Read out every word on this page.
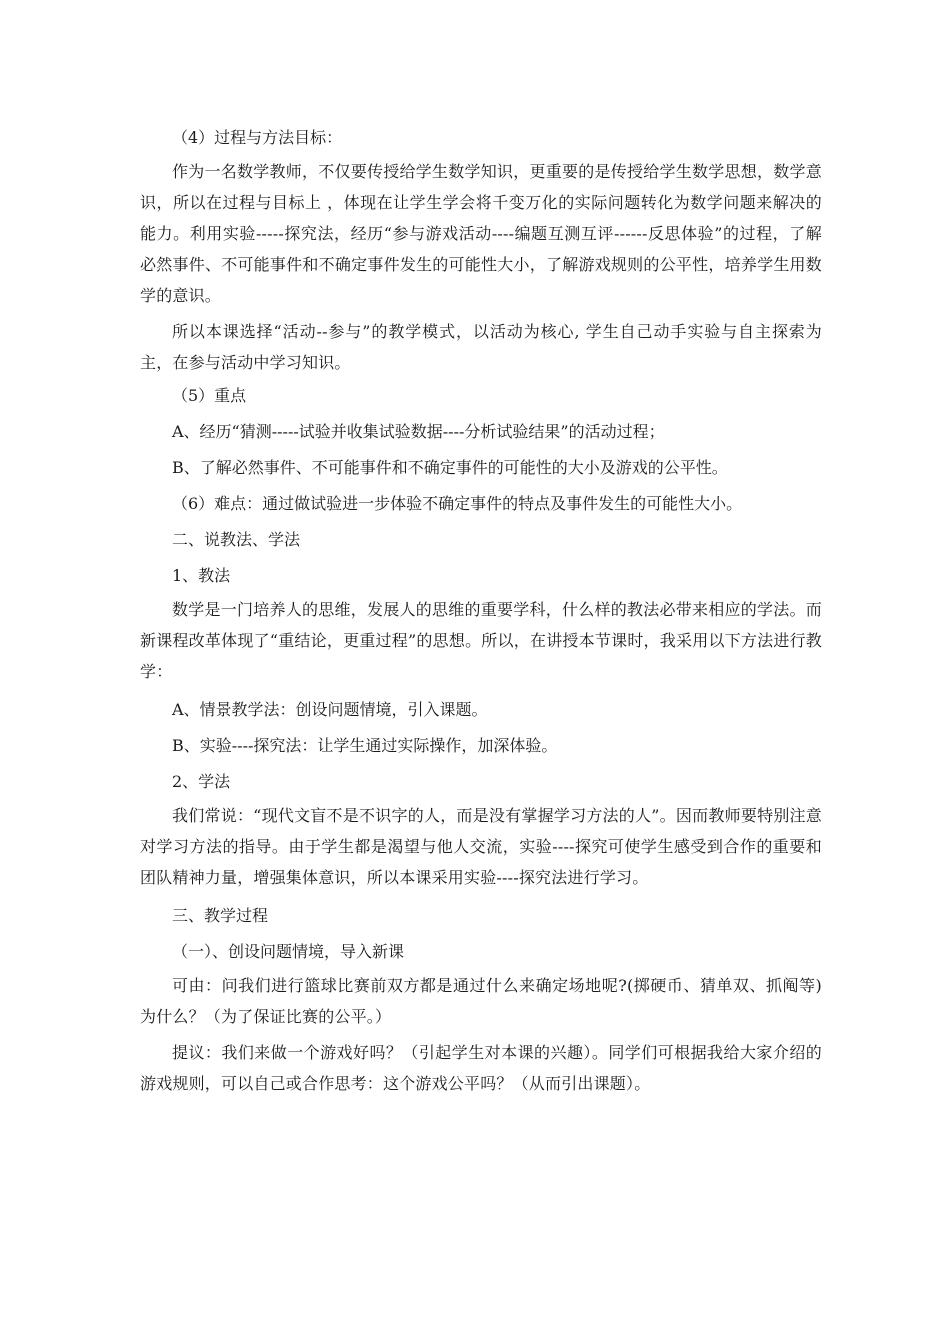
（4）过程与方法目标：

作为一名数学教师，不仅要传授给学生数学知识，更重要的是传授给学生数学思想，数学意识，所以在过程与目标上 ，体现在让学生学会将千变万化的实际问题转化为数学问题来解决的能力。利用实验-----探究法，经历“参与游戏活动----编题互测互评------反思体验”的过程，了解必然事件、不可能事件和不确定事件发生的可能性大小，了解游戏规则的公平性，培养学生用数学的意识。

所以本课选择“活动--参与”的教学模式，以活动为核心, 学生自己动手实验与自主探索为主，在参与活动中学习知识。

（5）重点

A、经历“猜测-----试验并收集试验数据----分析试验结果”的活动过程；

B、了解必然事件、不可能事件和不确定事件的可能性的大小及游戏的公平性。

（6）难点：通过做试验进一步体验不确定事件的特点及事件发生的可能性大小。

二、说教法、学法

1、教法

数学是一门培养人的思维，发展人的思维的重要学科，什么样的教法必带来相应的学法。而新课程改革体现了“重结论，更重过程”的思想。所以，在讲授本节课时，我采用以下方法进行教学：

A、情景教学法：创设问题情境，引入课题。

B、实验----探究法：让学生通过实际操作，加深体验。

2、学法

我们常说：“现代文盲不是不识字的人，而是没有掌握学习方法的人”。因而教师要特别注意对学习方法的指导。由于学生都是渴望与他人交流，实验----探究可使学生感受到合作的重要和团队精神力量，增强集体意识，所以本课采用实验----探究法进行学习。

三、教学过程

（一）、创设问题情境，导入新课

可由：问我们进行篮球比赛前双方都是通过什么来确定场地呢?(掷硬币、猜单双、抓阄等)为什么？（为了保证比赛的公平。）

提议：我们来做一个游戏好吗？（引起学生对本课的兴趣）。同学们可根据我给大家介绍的游戏规则，可以自己或合作思考：这个游戏公平吗？（从而引出课题）。
